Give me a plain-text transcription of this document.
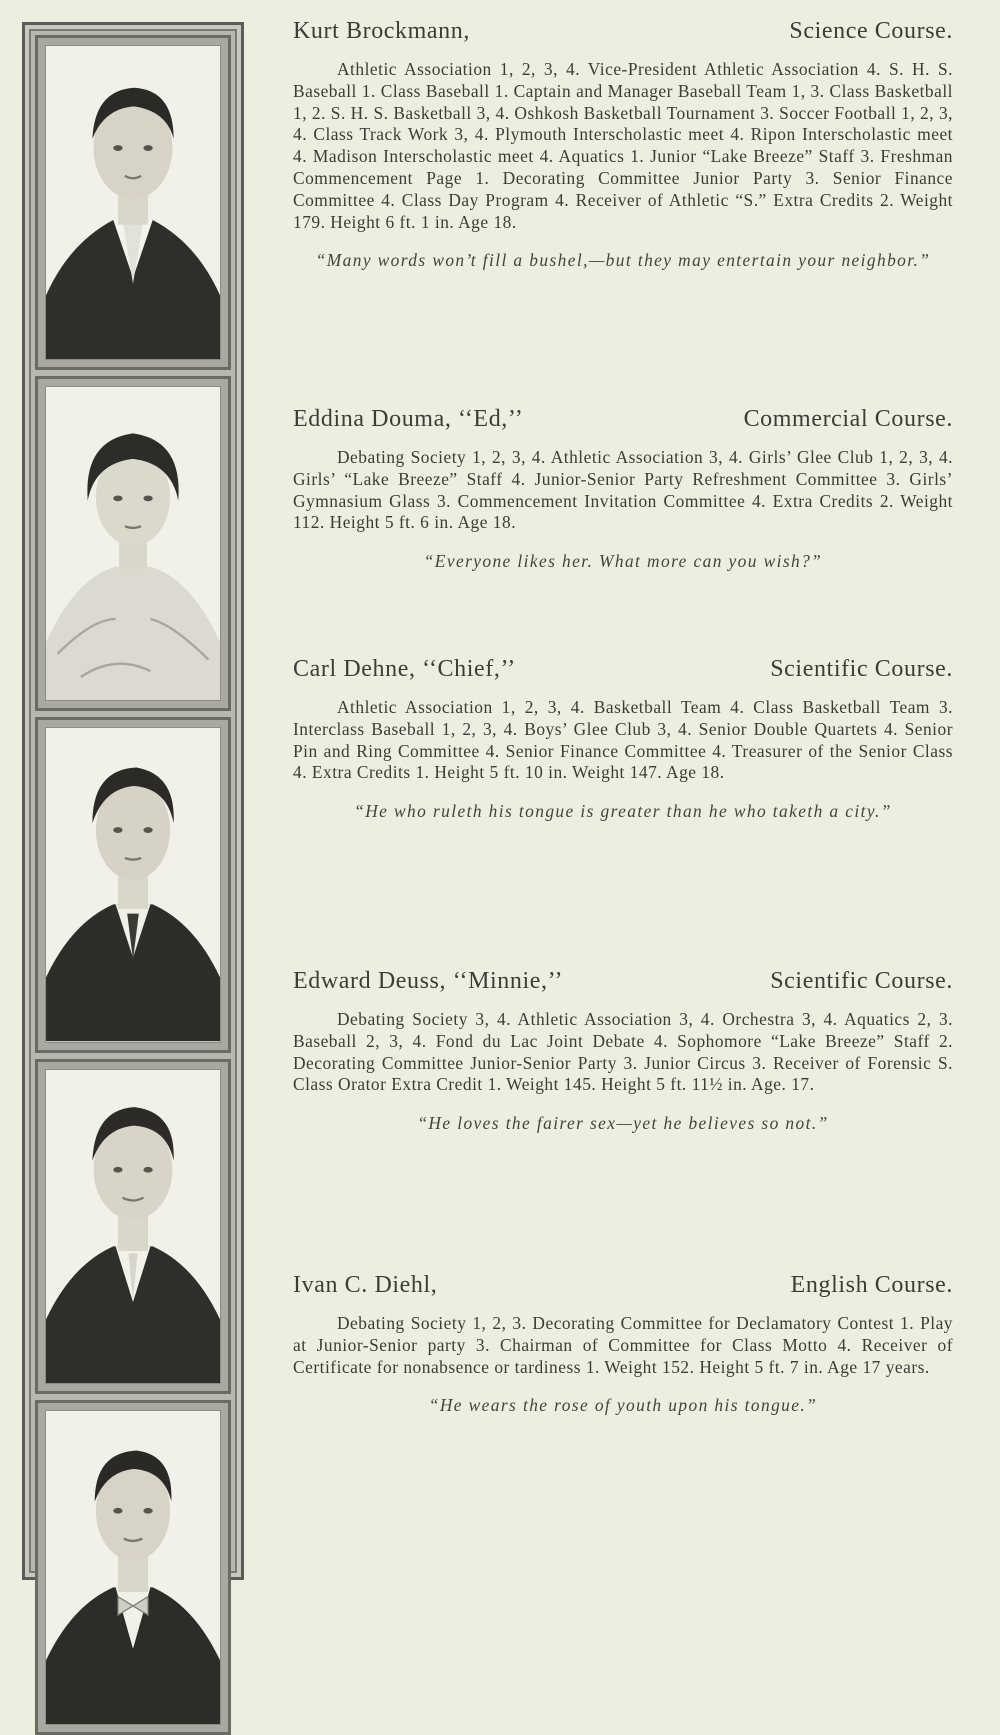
Kurt Brockmann,	Science Course.
Athletic Association 1, 2, 3, 4. Vice-President Athletic Association 4. S. H. S. Baseball 1. Class Baseball 1. Captain and Manager Baseball Team 1, 3. Class Basketball 1, 2. S. H. S. Basketball 3, 4. Oshkosh Basketball Tournament 3. Soccer Football 1, 2, 3, 4. Class Track Work 3, 4. Plymouth Interscholastic meet 4. Ripon Interscholastic meet 4. Madison Interscholastic meet 4. Aquatics 1. Junior “Lake Breeze” Staff 3. Freshman Commencement Page 1. Decorating Committee Junior Party 3. Senior Finance Committee 4. Class Day Program 4. Receiver of Athletic “S.” Extra Credits 2. Weight 179. Height 6 ft. 1 in. Age 18.
“Many words won’t fill a bushel,—but they may entertain your neighbor.”
Eddina Douma, ‘‘Ed,’’	Commercial Course.
Debating Society 1, 2, 3, 4. Athletic Association 3, 4. Girls’ Glee Club 1, 2, 3, 4. Girls’ “Lake Breeze” Staff 4. Junior-Senior Party Refreshment Committee 3. Girls’ Gymnasium Glass 3. Commencement Invitation Committee 4. Extra Credits 2. Weight 112. Height 5 ft. 6 in. Age 18.
“Everyone likes her. What more can you wish?”
Carl Dehne, ‘‘Chief,’’	Scientific Course.
Athletic Association 1, 2, 3, 4. Basketball Team 4. Class Basketball Team 3. Interclass Baseball 1, 2, 3, 4. Boys’ Glee Club 3, 4. Senior Double Quartets 4. Senior Pin and Ring Committee 4. Senior Finance Committee 4. Treasurer of the Senior Class 4. Extra Credits 1. Height 5 ft. 10 in. Weight 147. Age 18.
“He who ruleth his tongue is greater than he who taketh a city.”
Edward Deuss, ‘‘Minnie,’’	Scientific Course.
Debating Society 3, 4. Athletic Association 3, 4. Orchestra 3, 4. Aquatics 2, 3. Baseball 2, 3, 4. Fond du Lac Joint Debate 4. Sophomore “Lake Breeze” Staff 2. Decorating Committee Junior-Senior Party 3. Junior Circus 3. Receiver of Forensic S. Class Orator Extra Credit 1. Weight 145. Height 5 ft. 11½ in. Age. 17.
“He loves the fairer sex—yet he believes so not.”
Ivan C. Diehl,	English Course.
Debating Society 1, 2, 3. Decorating Committee for Declamatory Contest 1. Play at Junior-Senior party 3. Chairman of Committee for Class Motto 4. Receiver of Certificate for nonabsence or tardiness 1. Weight 152. Height 5 ft. 7 in. Age 17 years.
“He wears the rose of youth upon his tongue.”
